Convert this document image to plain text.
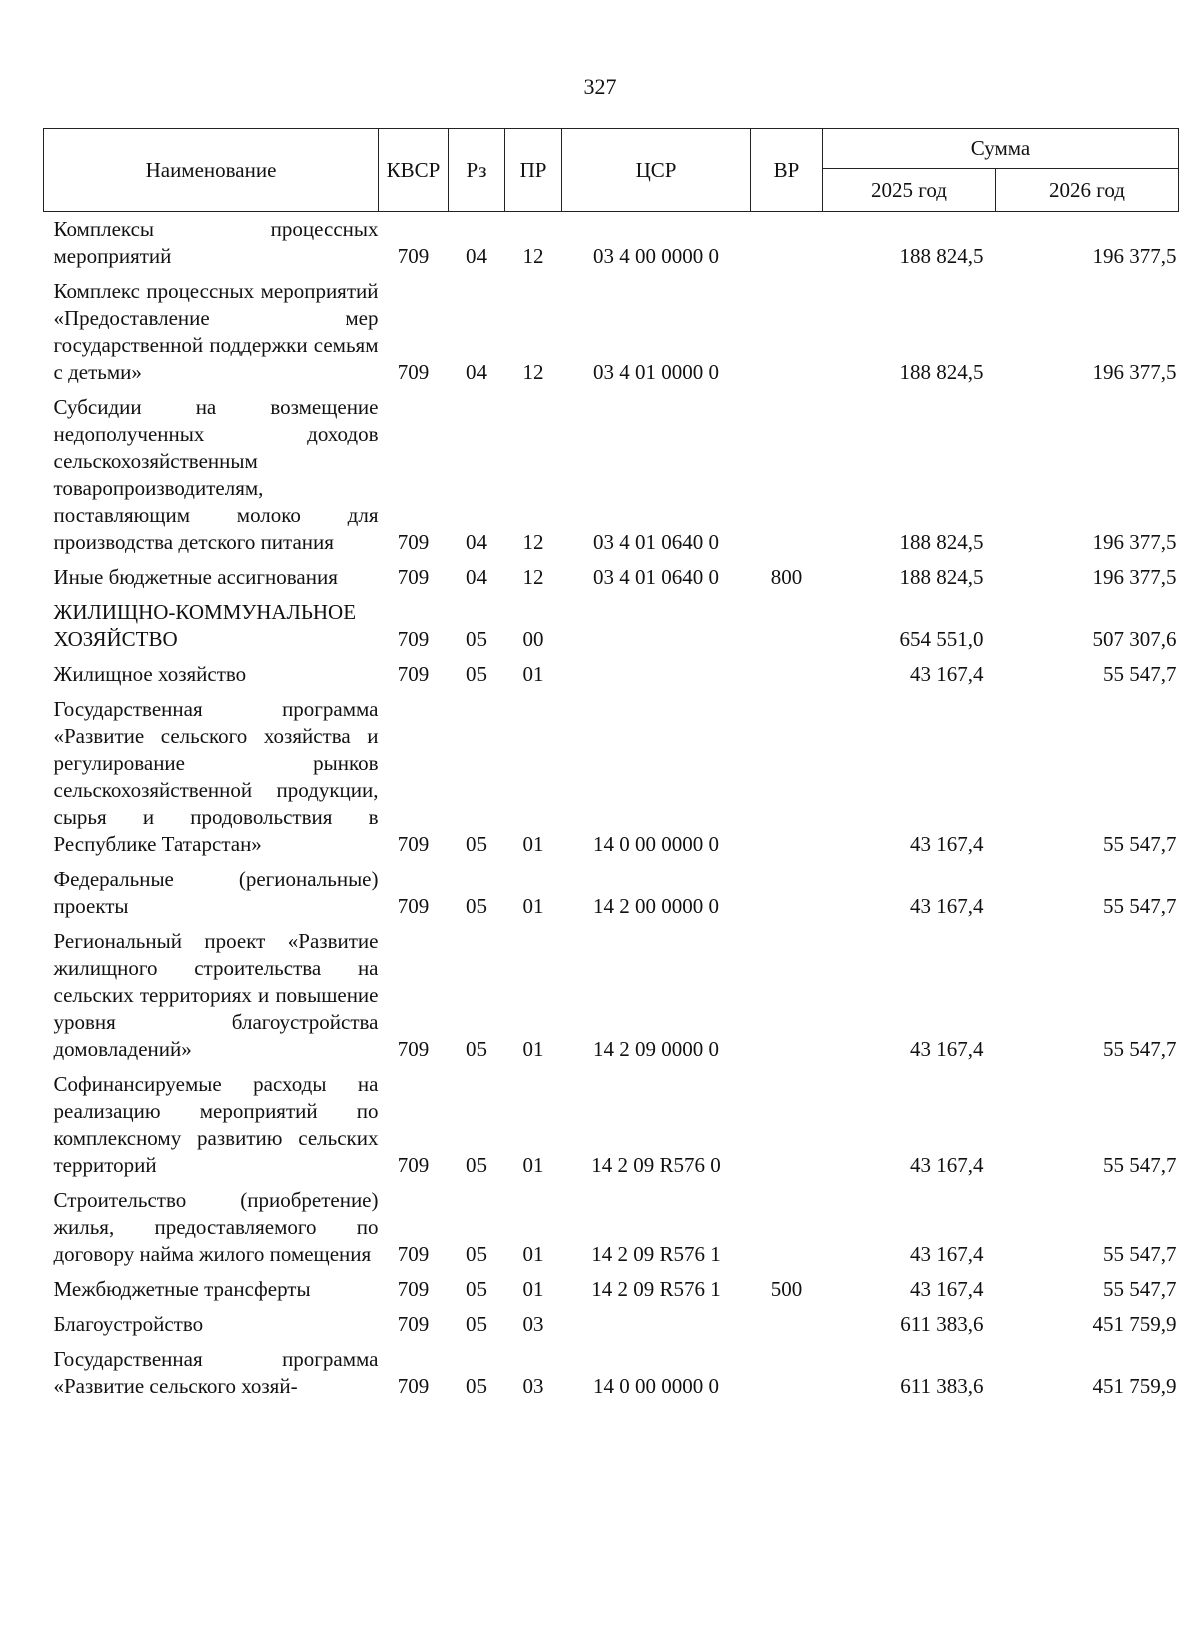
327
Наименование	КВСР	Рз	ПР	ЦСР	ВР	Сумма	
						2025 год	2026 год

Комплексы процессных мероприятий	709	04	12	03 4 00 0000 0		188 824,5	196 377,5
Комплекс процессных мероприятий «Предоставление мер государственной поддержки семьям с детьми»	709	04	12	03 4 01 0000 0		188 824,5	196 377,5
Субсидии на возмещение недополученных доходов сельскохозяйственным товаропроизводителям, поставляющим молоко для производства детского питания	709	04	12	03 4 01 0640 0		188 824,5	196 377,5
Иные бюджетные ассигнования	709	04	12	03 4 01 0640 0	800	188 824,5	196 377,5
ЖИЛИЩНО-КОММУНАЛЬНОЕ ХОЗЯЙСТВО	709	05	00			654 551,0	507 307,6
Жилищное хозяйство	709	05	01			43 167,4	55 547,7
Государственная программа «Развитие сельского хозяйства и регулирование рынков сельскохозяйственной продукции, сырья и продовольствия в Республике Татарстан»	709	05	01	14 0 00 0000 0		43 167,4	55 547,7
Федеральные (региональные) проекты	709	05	01	14 2 00 0000 0		43 167,4	55 547,7
Региональный проект «Развитие жилищного строительства на сельских территориях и повышение уровня благоустройства домовладений»	709	05	01	14 2 09 0000 0		43 167,4	55 547,7
Софинансируемые расходы на реализацию мероприятий по комплексному развитию сельских территорий	709	05	01	14 2 09 R576 0		43 167,4	55 547,7
Строительство (приобретение) жилья, предоставляемого по договору найма жилого помещения	709	05	01	14 2 09 R576 1		43 167,4	55 547,7
Межбюджетные трансферты	709	05	01	14 2 09 R576 1	500	43 167,4	55 547,7
Благоустройство	709	05	03			611 383,6	451 759,9
Государственная программа «Развитие сельского хозяй-	709	05	03	14 0 00 0000 0		611 383,6	451 759,9
